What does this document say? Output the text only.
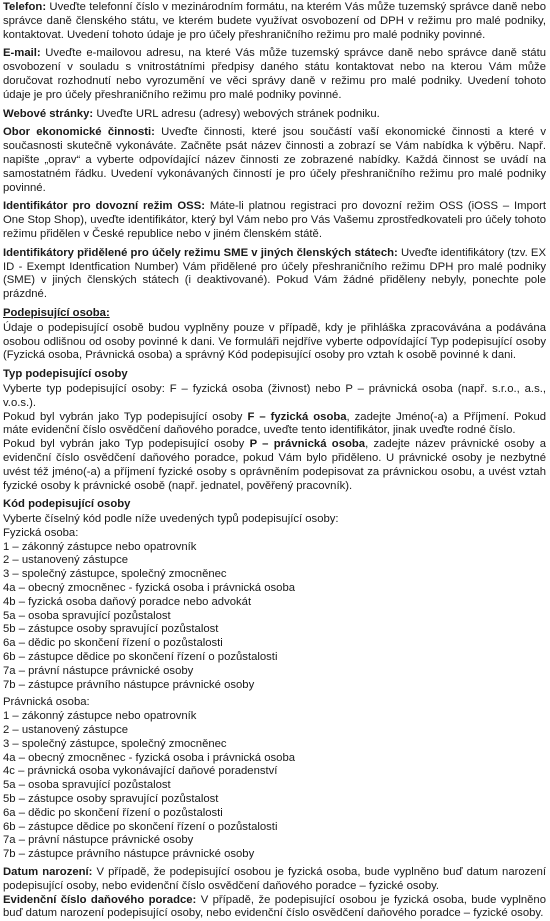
Telefon: Uveďte telefonní číslo v mezinárodním formátu, na kterém Vás může tuzemský správce daně nebo správce daně členského státu, ve kterém budete využívat osvobození od DPH v režimu pro malé podniky, kontaktovat. Uvedení tohoto údaje je pro účely přeshraničního režimu pro malé podniky povinné.

E-mail: Uveďte e-mailovou adresu, na které Vás může tuzemský správce daně nebo správce daně státu osvobození v souladu s vnitrostátními předpisy daného státu kontaktovat nebo na kterou Vám může doručovat rozhodnutí nebo vyrozumění ve věci správy daně v režimu pro malé podniky. Uvedení tohoto údaje je pro účely přeshraničního režimu pro malé podniky povinné.

Webové stránky: Uveďte URL adresu (adresy) webových stránek podniku.

Obor ekonomické činnosti: Uveďte činnosti, které jsou součástí vaší ekonomické činnosti a které v současnosti skutečně vykonáváte. Začněte psát název činnosti a zobrazí se Vám nabídka k výběru. Např. napište „oprav“ a vyberte odpovídající název činnosti ze zobrazené nabídky. Každá činnost se uvádí na samostatném řádku. Uvedení vykonávaných činností je pro účely přeshraničního režimu pro malé podniky povinné.

Identifikátor pro dovozní režim OSS: Máte-li platnou registraci pro dovozní režim OSS (iOSS – Import One Stop Shop), uveďte identifikátor, který byl Vám nebo pro Vás Vašemu zprostředkovateli pro účely tohoto režimu přidělen v České republice nebo v jiném členském státě.

Identifikátory přidělené pro účely režimu SME v jiných členských státech: Uveďte identifikátory (tzv. EX ID - Exempt Identfication Number) Vám přidělené pro účely přeshraničního režimu DPH pro malé podniky (SME) v jiných členských státech (i deaktivované). Pokud Vám žádné přiděleny nebyly, ponechte pole prázdné.

Podepisující osoba:

Údaje o podepisující osobě budou vyplněny pouze v případě, kdy je přihláška zpracovávána a podávána osobou odlišnou od osoby povinné k dani. Ve formuláři nejdříve vyberte odpovídající Typ podepisující osoby (Fyzická osoba, Právnická osoba) a správný Kód podepisující osoby pro vztah k osobě povinné k dani.

Typ podepisující osoby

Vyberte typ podepisující osoby: F – fyzická osoba (živnost) nebo P – právnická osoba (např. s.r.o., a.s., v.o.s.).

Pokud byl vybrán jako Typ podepisující osoby F – fyzická osoba, zadejte Jméno(-a) a Příjmení. Pokud máte evidenční číslo osvědčení daňového poradce, uveďte tento identifikátor, jinak uveďte rodné číslo.

Pokud byl vybrán jako Typ podepisující osoby P – právnická osoba, zadejte název právnické osoby a evidenční číslo osvědčení daňového poradce, pokud Vám bylo přiděleno. U právnické osoby je nezbytné uvést též jméno(-a) a příjmení fyzické osoby s oprávněním podepisovat za právnickou osobu, a uvést vztah fyzické osoby k právnické osobě (např. jednatel, pověřený pracovník).

Kód podepisující osoby

Vyberte číselný kód podle níže uvedených typů podepisující osoby:

Fyzická osoba:

1 – zákonný zástupce nebo opatrovník
2 – ustanovený zástupce
3 – společný zástupce, společný zmocněnec
4a – obecný zmocněnec - fyzická osoba i právnická osoba
4b – fyzická osoba daňový poradce nebo advokát
5a – osoba spravující pozůstalost
5b – zástupce osoby spravující pozůstalost
6a – dědic po skončení řízení o pozůstalosti
6b – zástupce dědice po skončení řízení o pozůstalosti
7a – právní nástupce právnické osoby
7b – zástupce právního nástupce právnické osoby

Právnická osoba:

1 – zákonný zástupce nebo opatrovník
2 – ustanovený zástupce
3 – společný zástupce, společný zmocněnec
4a – obecný zmocněnec - fyzická osoba i právnická osoba
4c – právnická osoba vykonávající daňové poradenství
5a – osoba spravující pozůstalost
5b – zástupce osoby spravující pozůstalost
6a – dědic po skončení řízení o pozůstalosti
6b – zástupce dědice po skončení řízení o pozůstalosti
7a – právní nástupce právnické osoby
7b – zástupce právního nástupce právnické osoby

Datum narození: V případě, že podepisující osobou je fyzická osoba, bude vyplněno buď datum narození podepisující osoby, nebo evidenční číslo osvědčení daňového poradce – fyzické osoby.

Evidenční číslo daňového poradce: V případě, že podepisující osobou je fyzická osoba, bude vyplněno buď datum narození podepisující osoby, nebo evidenční číslo osvědčení daňového poradce – fyzické osoby.
